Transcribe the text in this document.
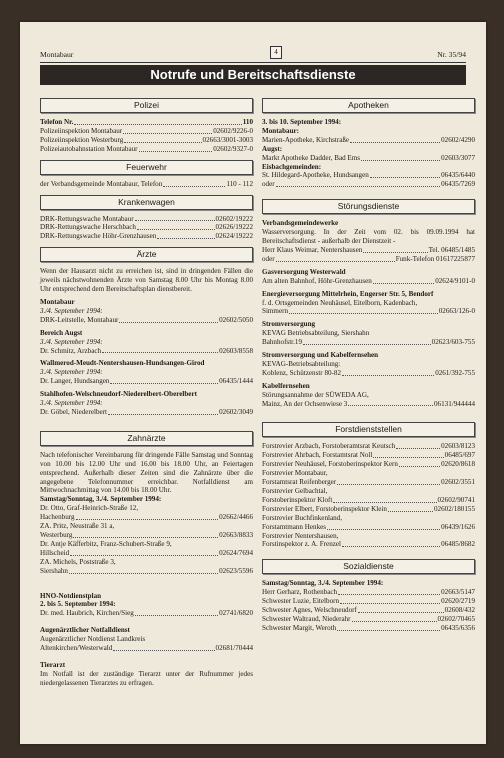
Montabaur	4	Nr. 35/94
Notrufe und Bereitschaftsdienste
Polizei
Telefon Nr.	110
Polizeiinspektion Montabaur	02602/9226-0
Polizeiinspektion Westerburg	02663/3001-3003
Polizeiautobahnstation Montabaur	02602/9327-0
Feuerwehr
der Verbandsgemeinde Montabaur, Telefon	110 - 112
Krankenwagen
DRK-Rettungswache Montabaur	02602/19222
DRK-Rettungswache Herschbach	02626/19222
DRK-Rettungswache Höhr-Grenzhausen	02624/19222
Ärzte
Wenn der Hausarzt nicht zu erreichen ist, sind in dringenden Fällen die jeweils nächstwohnenden Ärzte von Samstag 8.00 Uhr bis Montag 8.00 Uhr entsprechend dem Bereitschaftsplan dienstbereit.
Montabaur
3./4. September 1994:
DRK-Leitstelle, Montabaur	02602/5050
Bereich Augst
3./4. September 1994:
Dr. Schmitz, Arzbach	02603/8558
Wallmerod-Meudt-Nentershausen-Hundsangen-Girod
3./4. September 1994:
Dr. Langer, Hundsangen	06435/1444
Stahlhofen-Welschneudorf-Niederelbert-Oberelbert
3./4. September 1994:
Dr. Göbel, Niederelbert	02602/3049
Zahnärzte
Nach telefonischer Vereinbarung für dringende Fälle Samstag und Sonntag von 10.00 bis 12.00 Uhr und 16.00 bis 18.00 Uhr, an Feiertagen entsprechend. Außerhalb dieser Zeiten sind die Zahnärzte über die angegebene Telefonnummer erreichbar. Notfalldienst am Mittwochnachmittag von 14.00 bis 18.00 Uhr.
Samstag/Sonntag, 3./4. September 1994:
Dr. Otto, Graf-Heinrich-Straße 12,
Hachenburg	02662/4466
ZA. Pritz, Neustraße 31 a,
Westerburg	02663/8833
Dr. Antje Käfferbitz, Franz-Schubert-Straße 9,
Hillscheid	02624/7694
ZA. Michels, Poststraße 3,
Siershahn	02623/5596
HNO-Notdienstplan
2. bis 5. September 1994:
Dr. med. Haubrich, Kirchen/Sieg	02741/6820
Augenärztlicher Notfalldienst
Augenärztlicher Notdienst Landkreis
Altenkirchen/Westerwald	02681/70444
Tierarzt
Im Notfall ist der zuständige Tierarzt unter der Rufnummer jedes niedergelassenen Tierarztes zu erfragen.
Apotheken
3. bis 10. September 1994:
Montabaur:
Marien-Apotheke, Kirchstraße	02602/4290
Augst:
Markt Apotheke Dadder, Bad Ems	02603/3077
Eisbachgemeinden:
St. Hildegard-Apotheke, Hundsangen	06435/6440
oder	06435/7269
Störungsdienste
Verbandsgemeindewerke
Wasserversorgung. In der Zeit vom 02. bis 09.09.1994 hat Bereitschaftsdienst - außerhalb der Dienstzeit -
Herr Klaus Weimar, Nentershausen	Tel. 06485/1485
oder	Funk-Telefon 01617225877
Gasversorgung Westerwald
Am alten Bahnhof, Höhr-Grenzhausen	02624/9101-0
Energieversorgung Mittelrhein, Engerser Str. 5, Bendorf
f. d. Ortsgemeinden Neuhäusel, Eitelborn, Kadenbach,
Simmern	02663/126-0
Stromversorgung
KEVAG Betriebsabteilung, Siershahn
Bahnhofstr.19	02623/603-755
Stromversorgung und Kabelfernsehen
KEVAG-Betriebsabteilung:
Koblenz, Schützenstr 80-82	0261/392-755
Kabelfernsehen
Störungsannahme der SÜWEDA AG,
Mainz, An der Ochsenwiese 3	06131/944444
Forstdienststellen
Forstrevier Arzbach, Forstoberamtsrat Keutsch	02603/8123
Forstrevier Ahrbach, Forstamtsrat Noll	06485/697
Forstrevier Neuhäusel, Forstoberinspektor Kern	02620/8618
Forstrevier Montabaur,
Forstamtsrat Reifenberger	02602/3551
Forstrevier Gelbachtal,
Forstoberinspektor Kloft	02602/90741
Forstrevier Elbert, Forstoberinspektor Klein	02602/180155
Forstrevier Buchfinkenland,
Forstamtmann Henkes	06439/1626
Forstrevier Nentershausen,
Forstinspektor z. A. Frenzel	06485/8682
Sozialdienste
Samstag/Sonntag, 3./4. September 1994:
Herr Gerharz, Rothenbach	02663/5147
Schwester Luzie, Eitelborn	02620/2719
Schwester Agnes, Welschneudorf	02608/432
Schwester Waltraud, Niederahr	02602/70465
Schwester Margit, Weroth	06435/6356
